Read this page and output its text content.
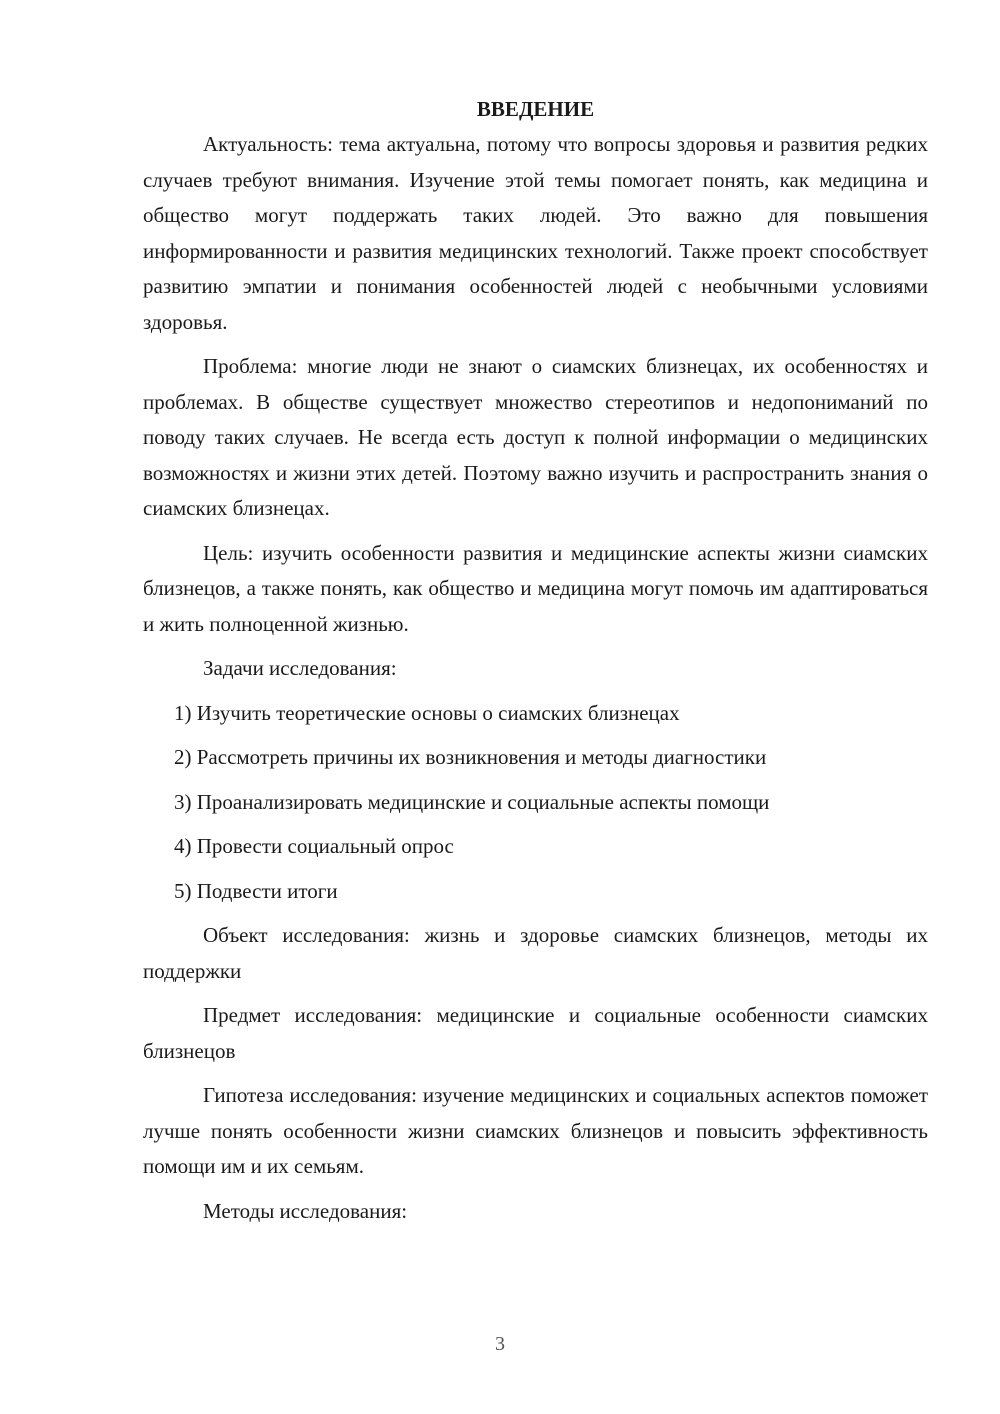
ВВЕДЕНИЕ

Актуальность: тема актуальна, потому что вопросы здоровья и развития редких случаев требуют внимания. Изучение этой темы помогает понять, как медицина и общество могут поддержать таких людей. Это важно для повышения информированности и развития медицинских технологий. Также проект способствует развитию эмпатии и понимания особенностей людей с необычными условиями здоровья.

Проблема: многие люди не знают о сиамских близнецах, их особенностях и проблемах. В обществе существует множество стереотипов и недопониманий по поводу таких случаев. Не всегда есть доступ к полной информации о медицинских возможностях и жизни этих детей. Поэтому важно изучить и распространить знания о сиамских близнецах.

Цель: изучить особенности развития и медицинские аспекты жизни сиамских близнецов, а также понять, как общество и медицина могут помочь им адаптироваться и жить полноценной жизнью.

Задачи исследования:

1) Изучить теоретические основы о сиамских близнецах

2) Рассмотреть причины их возникновения и методы диагностики

3) Проанализировать медицинские и социальные аспекты помощи

4) Провести социальный опрос

5) Подвести итоги

Объект исследования: жизнь и здоровье сиамских близнецов, методы их поддержки

Предмет исследования: медицинские и социальные особенности сиамских близнецов

Гипотеза исследования: изучение медицинских и социальных аспектов поможет лучше понять особенности жизни сиамских близнецов и повысить эффективность помощи им и их семьям.

Методы исследования:

3
